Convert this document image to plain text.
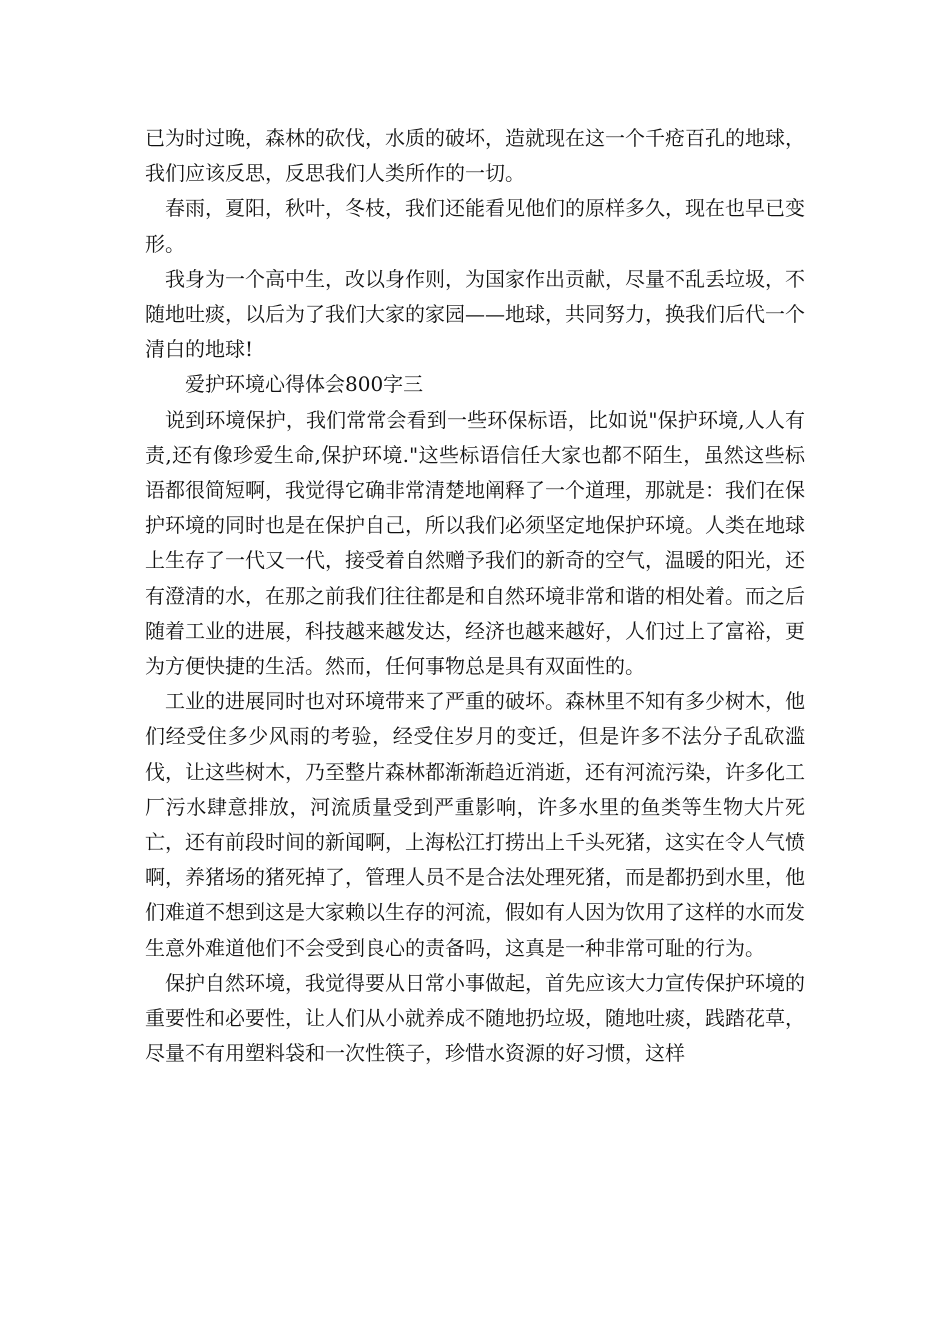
已为时过晚，森林的砍伐，水质的破坏，造就现在这一个千疮百孔的地球，我们应该反思，反思我们人类所作的一切。

春雨，夏阳，秋叶，冬枝，我们还能看见他们的原样多久，现在也早已变形。

我身为一个高中生，改以身作则，为国家作出贡献，尽量不乱丢垃圾，不随地吐痰，以后为了我们大家的家园——地球，共同努力，换我们后代一个清白的地球!

爱护环境心得体会800字三

说到环境保护，我们常常会看到一些环保标语，比如说"保护环境,人人有责,还有像珍爱生命,保护环境."这些标语信任大家也都不陌生，虽然这些标语都很简短啊，我觉得它确非常清楚地阐释了一个道理，那就是：我们在保护环境的同时也是在保护自己，所以我们必须坚定地保护环境。人类在地球上生存了一代又一代，接受着自然赠予我们的新奇的空气，温暖的阳光，还有澄清的水，在那之前我们往往都是和自然环境非常和谐的相处着。而之后随着工业的进展，科技越来越发达，经济也越来越好，人们过上了富裕，更为方便快捷的生活。然而，任何事物总是具有双面性的。

工业的进展同时也对环境带来了严重的破坏。森林里不知有多少树木，他们经受住多少风雨的考验，经受住岁月的变迁，但是许多不法分子乱砍滥伐，让这些树木，乃至整片森林都渐渐趋近消逝，还有河流污染，许多化工厂污水肆意排放，河流质量受到严重影响，许多水里的鱼类等生物大片死亡，还有前段时间的新闻啊，上海松江打捞出上千头死猪，这实在令人气愤啊，养猪场的猪死掉了，管理人员不是合法处理死猪，而是都扔到水里，他们难道不想到这是大家赖以生存的河流，假如有人因为饮用了这样的水而发生意外难道他们不会受到良心的责备吗，这真是一种非常可耻的行为。

保护自然环境，我觉得要从日常小事做起，首先应该大力宣传保护环境的重要性和必要性，让人们从小就养成不随地扔垃圾，随地吐痰，践踏花草，尽量不有用塑料袋和一次性筷子，珍惜水资源的好习惯，这样
